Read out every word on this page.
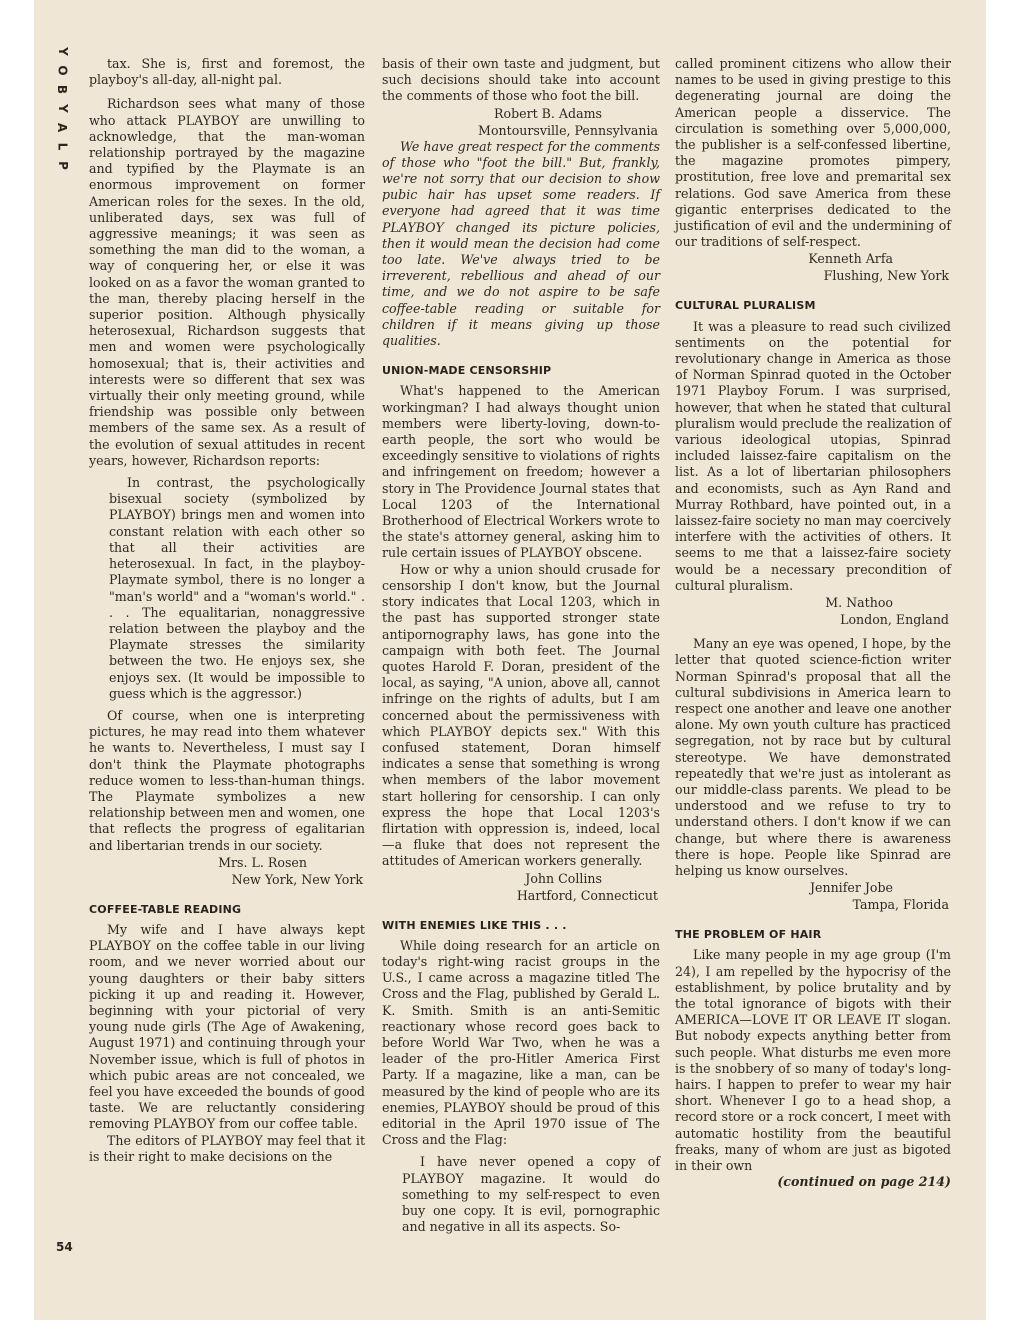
Y
O
B
Y
A
L
P
54

tax. She is, first and foremost, the playboy's all-day, all-night pal.

Richardson sees what many of those who attack PLAYBOY are unwilling to acknowledge, that the man-woman relationship portrayed by the magazine and typified by the Playmate is an enormous improvement on former American roles for the sexes. In the old, unliberated days, sex was full of aggressive meanings; it was seen as something the man did to the woman, a way of conquering her, or else it was looked on as a favor the woman granted to the man, thereby placing herself in the superior position. Although physically heterosexual, Richardson suggests that men and women were psychologically homosexual; that is, their activities and interests were so different that sex was virtually their only meeting ground, while friendship was possible only between members of the same sex. As a result of the evolution of sexual attitudes in recent years, however, Richardson reports:

In contrast, the psychologically bisexual society (symbolized by PLAYBOY) brings men and women into constant relation with each other so that all their activities are heterosexual. In fact, in the playboy-Playmate symbol, there is no longer a "man's world" and a "woman's world." . . . The equalitarian, nonaggressive relation between the playboy and the Playmate stresses the similarity between the two. He enjoys sex, she enjoys sex. (It would be impossible to guess which is the aggressor.)

Of course, when one is interpreting pictures, he may read into them whatever he wants to. Nevertheless, I must say I don't think the Playmate photographs reduce women to less-than-human things. The Playmate symbolizes a new relationship between men and women, one that reflects the progress of egalitarian and libertarian trends in our society.

Mrs. L. Rosen
New York, New York
COFFEE-TABLE READING

My wife and I have always kept PLAYBOY on the coffee table in our living room, and we never worried about our young daughters or their baby sitters picking it up and reading it. However, beginning with your pictorial of very young nude girls (The Age of Awakening, August 1971) and continuing through your November issue, which is full of photos in which pubic areas are not concealed, we feel you have exceeded the bounds of good taste. We are reluctantly considering removing PLAYBOY from our coffee table.

The editors of PLAYBOY may feel that it is their right to make decisions on the

basis of their own taste and judgment, but such decisions should take into account the comments of those who foot the bill.

Robert B. Adams
Montoursville, Pennsylvania

We have great respect for the comments of those who "foot the bill." But, frankly, we're not sorry that our decision to show pubic hair has upset some readers. If everyone had agreed that it was time PLAYBOY changed its picture policies, then it would mean the decision had come too late. We've always tried to be irreverent, rebellious and ahead of our time, and we do not aspire to be safe coffee-table reading or suitable for children if it means giving up those qualities.

UNION-MADE CENSORSHIP

What's happened to the American workingman? I had always thought union members were liberty-loving, down-to-earth people, the sort who would be exceedingly sensitive to violations of rights and infringement on freedom; however a story in The Providence Journal states that Local 1203 of the International Brotherhood of Electrical Workers wrote to the state's attorney general, asking him to rule certain issues of PLAYBOY obscene.

How or why a union should crusade for censorship I don't know, but the Journal story indicates that Local 1203, which in the past has supported stronger state antipornography laws, has gone into the campaign with both feet. The Journal quotes Harold F. Doran, president of the local, as saying, "A union, above all, cannot infringe on the rights of adults, but I am concerned about the permissiveness with which PLAYBOY depicts sex." With this confused statement, Doran himself indicates a sense that something is wrong when members of the labor movement start hollering for censorship. I can only express the hope that Local 1203's flirtation with oppression is, indeed, local—a fluke that does not represent the attitudes of American workers generally.

John Collins
Hartford, Connecticut
WITH ENEMIES LIKE THIS . . .

While doing research for an article on today's right-wing racist groups in the U.S., I came across a magazine titled The Cross and the Flag, published by Gerald L. K. Smith. Smith is an anti-Semitic reactionary whose record goes back to before World War Two, when he was a leader of the pro-Hitler America First Party. If a magazine, like a man, can be measured by the kind of people who are its enemies, PLAYBOY should be proud of this editorial in the April 1970 issue of The Cross and the Flag:

I have never opened a copy of PLAYBOY magazine. It would do something to my self-respect to even buy one copy. It is evil, pornographic and negative in all its aspects. So-

called prominent citizens who allow their names to be used in giving prestige to this degenerating journal are doing the American people a disservice. The circulation is something over 5,000,000, the publisher is a self-confessed libertine, the magazine promotes pimpery, prostitution, free love and premarital sex relations. God save America from these gigantic enterprises dedicated to the justification of evil and the undermining of our traditions of self-respect.

Kenneth Arfa
Flushing, New York
CULTURAL PLURALISM

It was a pleasure to read such civilized sentiments on the potential for revolutionary change in America as those of Norman Spinrad quoted in the October 1971 Playboy Forum. I was surprised, however, that when he stated that cultural pluralism would preclude the realization of various ideological utopias, Spinrad included laissez-faire capitalism on the list. As a lot of libertarian philosophers and economists, such as Ayn Rand and Murray Rothbard, have pointed out, in a laissez-faire society no man may coercively interfere with the activities of others. It seems to me that a laissez-faire society would be a necessary precondition of cultural pluralism.

M. Nathoo
London, England

Many an eye was opened, I hope, by the letter that quoted science-fiction writer Norman Spinrad's proposal that all the cultural subdivisions in America learn to respect one another and leave one another alone. My own youth culture has practiced segregation, not by race but by cultural stereotype. We have demonstrated repeatedly that we're just as intolerant as our middle-class parents. We plead to be understood and we refuse to try to understand others. I don't know if we can change, but where there is awareness there is hope. People like Spinrad are helping us know ourselves.

Jennifer Jobe
Tampa, Florida
THE PROBLEM OF HAIR

Like many people in my age group (I'm 24), I am repelled by the hypocrisy of the establishment, by police brutality and by the total ignorance of bigots with their AMERICA—LOVE IT OR LEAVE IT slogan. But nobody expects anything better from such people. What disturbs me even more is the snobbery of so many of today's long-hairs. I happen to prefer to wear my hair short. Whenever I go to a head shop, a record store or a rock concert, I meet with automatic hostility from the beautiful freaks, many of whom are just as bigoted in their own

(continued on page 214)
